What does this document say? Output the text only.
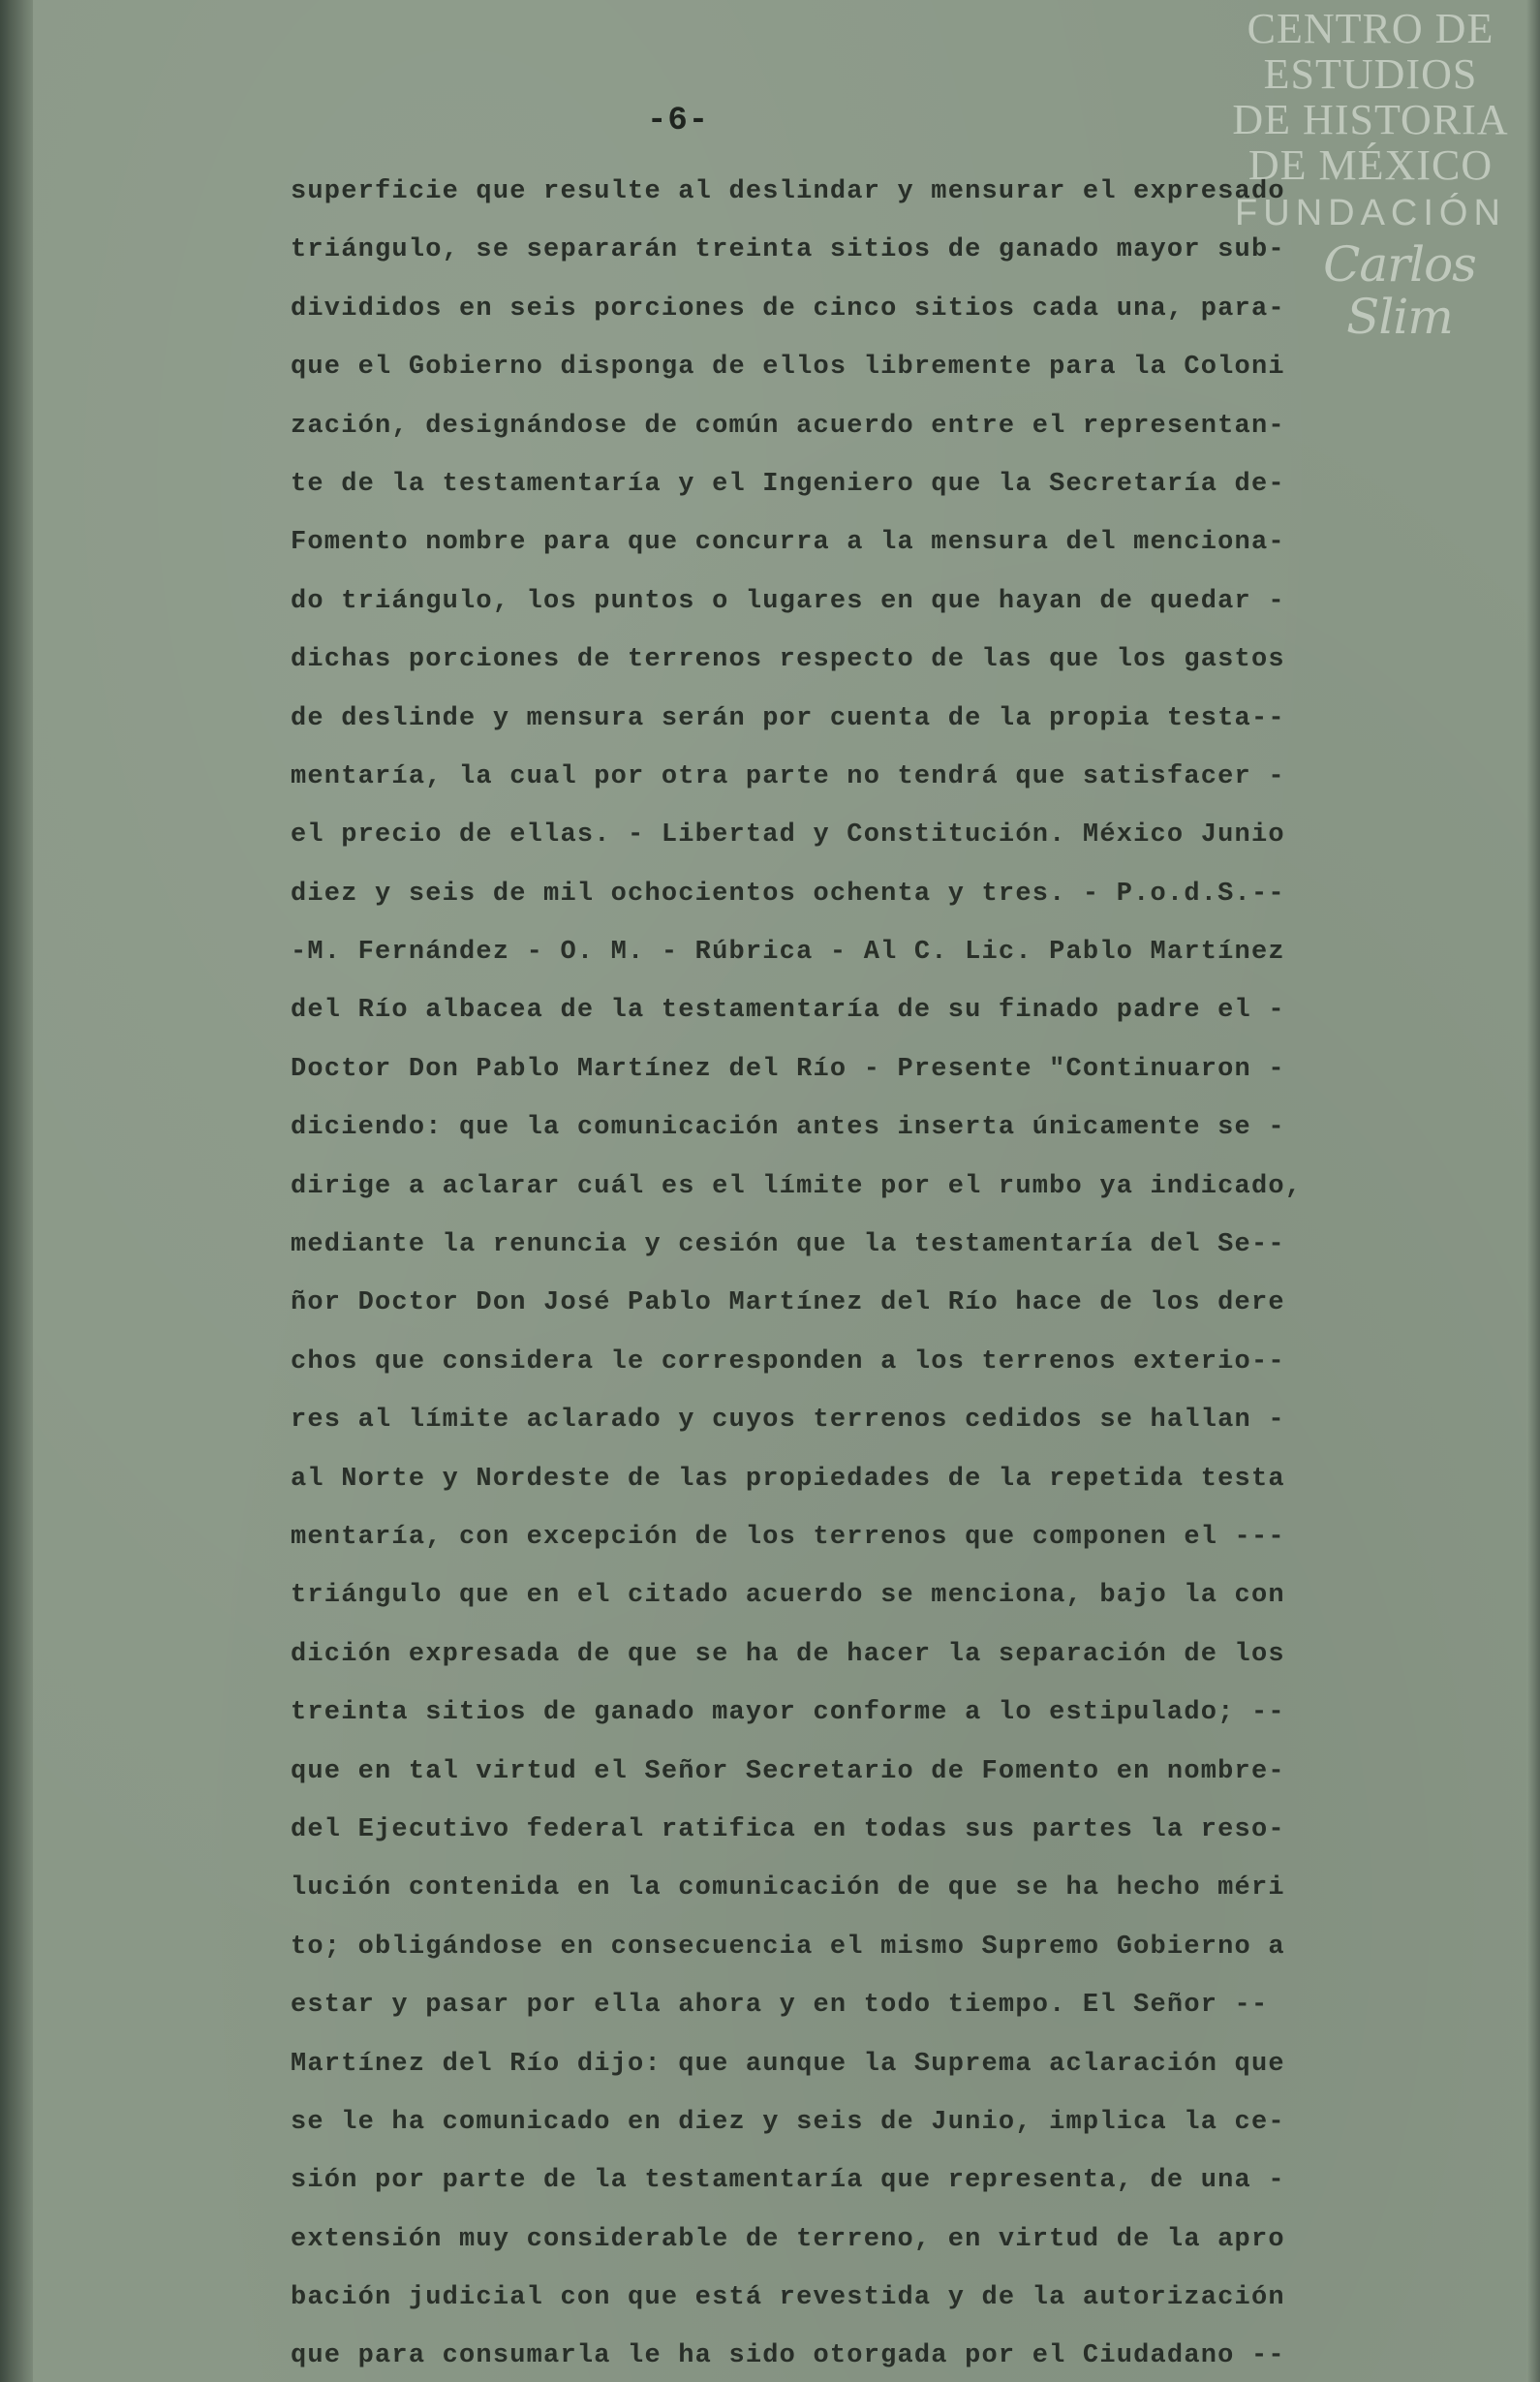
-6-
superficie que resulte al deslindar y mensurar el expresado
triángulo, se separarán treinta sitios de ganado mayor sub-
divididos en seis porciones de cinco sitios cada una, para-
que el Gobierno disponga de ellos libremente para la Coloni
zación, designándose de común acuerdo entre el representan-
te de la testamentaría y el Ingeniero que la Secretaría de-
Fomento nombre para que concurra a la mensura del menciona-
do triángulo, los puntos o lugares en que hayan de quedar -
dichas porciones de terrenos respecto de las que los gastos
de deslinde y mensura serán por cuenta de la propia testa--
mentaría, la cual por otra parte no tendrá que satisfacer -
el precio de ellas. - Libertad y Constitución. México Junio
diez y seis de mil ochocientos ochenta y tres. - P.o.d.S.--
-M. Fernández - O. M. - Rúbrica - Al C. Lic. Pablo Martínez
del Río albacea de la testamentaría de su finado padre el -
Doctor Don Pablo Martínez del Río - Presente "Continuaron -
diciendo: que la comunicación antes inserta únicamente se -
dirige a aclarar cuál es el límite por el rumbo ya indicado,
mediante la renuncia y cesión que la testamentaría del Se--
ñor Doctor Don José Pablo Martínez del Río hace de los dere
chos que considera le corresponden a los terrenos exterio--
res al límite aclarado y cuyos terrenos cedidos se hallan -
al Norte y Nordeste de las propiedades de la repetida testa
mentaría, con excepción de los terrenos que componen el ---
triángulo que en el citado acuerdo se menciona, bajo la con
dición expresada de que se ha de hacer la separación de los
treinta sitios de ganado mayor conforme a lo estipulado; --
que en tal virtud el Señor Secretario de Fomento en nombre-
del Ejecutivo federal ratifica en todas sus partes la reso-
lución contenida en la comunicación de que se ha hecho méri
to; obligándose en consecuencia el mismo Supremo Gobierno a
estar y pasar por ella ahora y en todo tiempo. El Señor --
Martínez del Río dijo: que aunque la Suprema aclaración que
se le ha comunicado en diez y seis de Junio, implica la ce-
sión por parte de la testamentaría que representa, de una -
extensión muy considerable de terreno, en virtud de la apro
bación judicial con que está revestida y de la autorización
que para consumarla le ha sido otorgada por el Ciudadano --
CENTRO DE
ESTUDIOS
DE HISTORIA
DE MÉXICO
FUNDACIÓN
Carlos Slim
